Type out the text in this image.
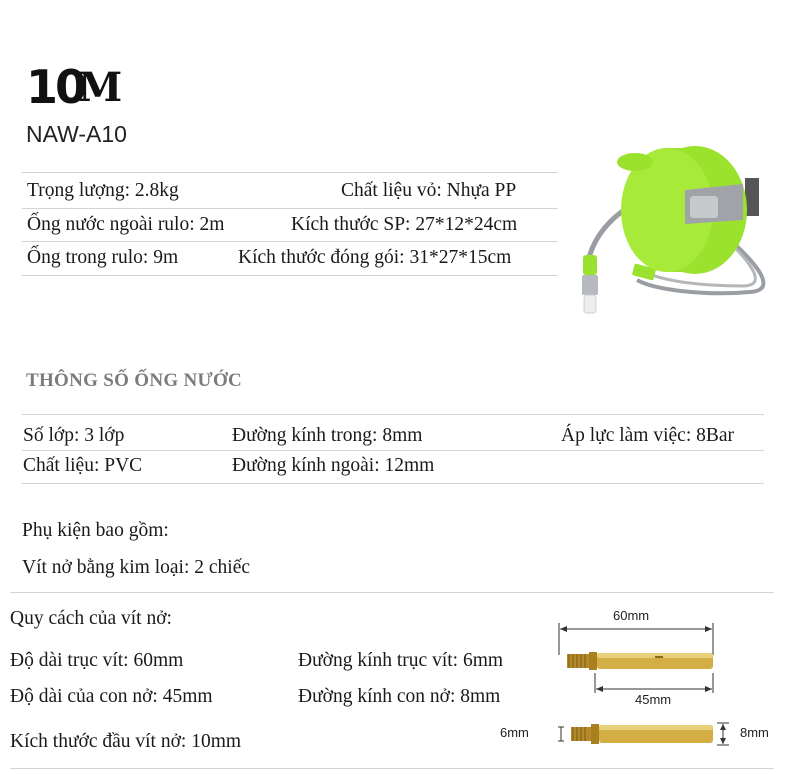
10
M
NAW-A10
Trọng lượng: 2.8kg	Chất liệu vỏ: Nhựa PP
Ống nước ngoài rulo: 2m	Kích thước SP: 27*12*24cm
Ống trong rulo: 9m	Kích thước đóng gói: 31*27*15cm
THÔNG SỐ ỐNG NƯỚC
Số lớp: 3 lớp	Đường kính trong: 8mm	Áp lực làm việc: 8Bar
Chất liệu: PVC	Đường kính ngoài: 12mm
Phụ kiện bao gồm:
Vít nở bằng kim loại: 2 chiếc
Quy cách của vít nở:
Độ dài trục vít: 60mm	Đường kính trục vít: 6mm
Độ dài của con nở: 45mm	Đường kính con nở: 8mm
Kích thước đầu vít nở: 10mm
60mm
45mm
6mm	8mm
